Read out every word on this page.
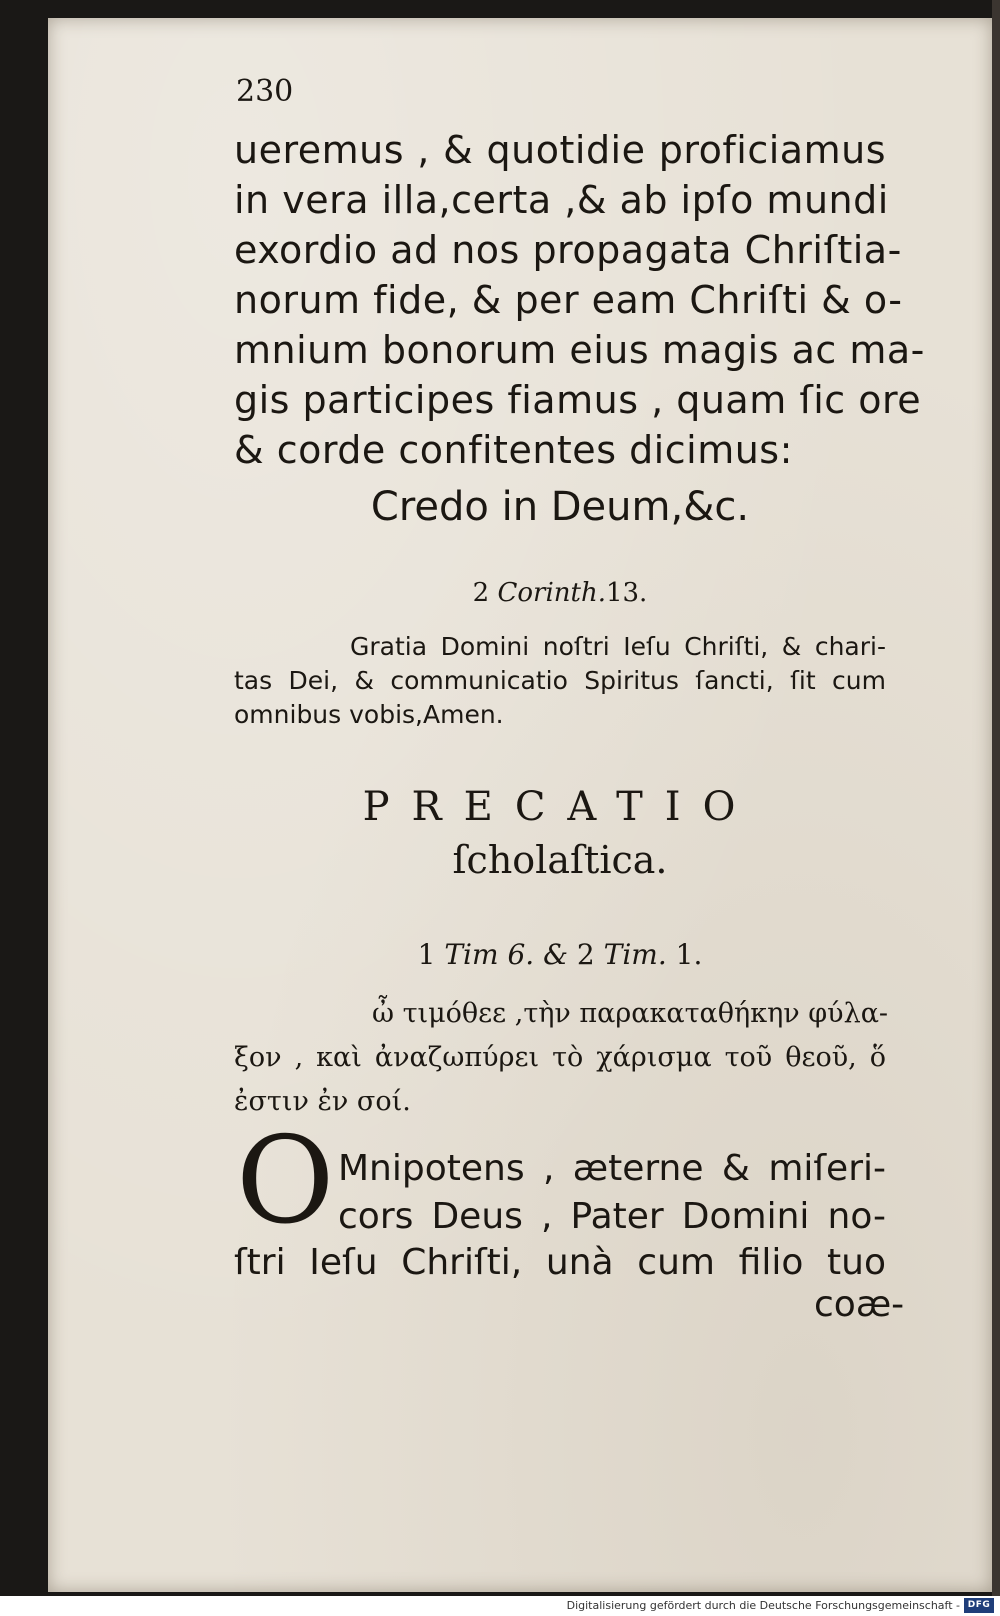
230
ueremus , & quotidie proficiamus
in vera illa,certa ,& ab ipſo mundi
exordio ad nos propagata Chriſtia-
norum fide, & per eam Chriſti & o-
mnium bonorum eius magis ac ma-
gis participes fiamus , quam ſic ore
& corde confitentes dicimus:
Credo in Deum,&c.
2 Corinth.13.
Gratia Domini noſtri Ieſu Chriſti, & chari-
tas Dei, & communicatio Spiritus ſancti, ſit cum
omnibus vobis,Amen.
PRECATIO
ſcholaſtica.
1 Tim 6. & 2 Tim. 1.
ὦ τιμόθεε ,τὴν παρακαταθήκην φύλα-
ξον , καὶ ἀναζωπύρει τὸ χάρισμα τοῦ θεοῦ, ὅ
ἐστιν ἐν σοί.
O Mnipotens , æterne & miſeri-
cors Deus , Pater Domini no-
ſtri Ieſu Chriſti, unà cum filio tuo
coæ-
Digitalisierung gefördert durch die Deutsche Forschungsgemeinschaft - DFG
